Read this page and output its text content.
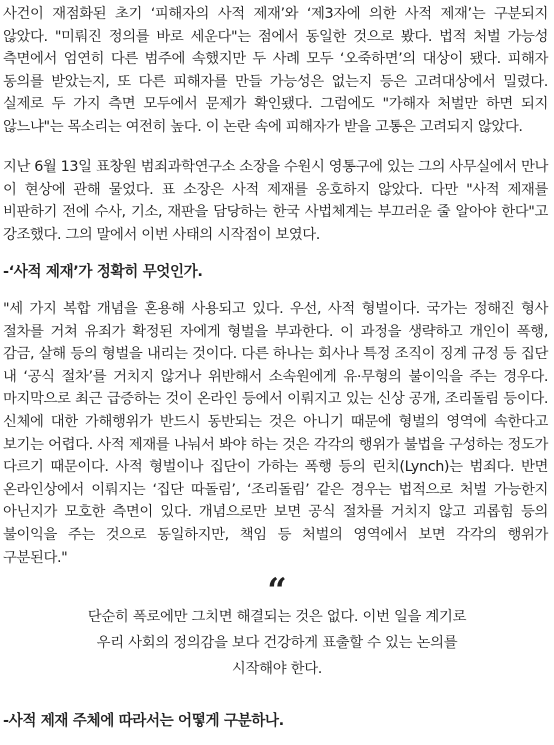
사건이 재점화된 초기 ‘피해자의 사적 제재’와 ‘제3자에 의한 사적 제재’는 구분되지 않았다. "미뤄진 정의를 바로 세운다"는 점에서 동일한 것으로 봤다. 법적 처벌 가능성 측면에서 엄연히 다른 범주에 속했지만 두 사례 모두 ‘오죽하면’의 대상이 됐다. 피해자 동의를 받았는지, 또 다른 피해자를 만들 가능성은 없는지 등은 고려대상에서 밀렸다. 실제로 두 가지 측면 모두에서 문제가 확인됐다. 그럼에도 "가해자 처벌만 하면 되지 않느냐"는 목소리는 여전히 높다. 이 논란 속에 피해자가 받을 고통은 고려되지 않았다.

지난 6월 13일 표창원 범죄과학연구소 소장을 수원시 영통구에 있는 그의 사무실에서 만나 이 현상에 관해 물었다. 표 소장은 사적 제재를 옹호하지 않았다. 다만 "사적 제재를 비판하기 전에 수사, 기소, 재판을 담당하는 한국 사법체계는 부끄러운 줄 알아야 한다"고 강조했다. 그의 말에서 이번 사태의 시작점이 보였다.

-‘사적 제재’가 정확히 무엇인가.

"세 가지 복합 개념을 혼용해 사용되고 있다. 우선, 사적 형벌이다. 국가는 정해진 형사 절차를 거쳐 유죄가 확정된 자에게 형벌을 부과한다. 이 과정을 생략하고 개인이 폭행, 감금, 살해 등의 형벌을 내리는 것이다. 다른 하나는 회사나 특정 조직이 징계 규정 등 집단 내 ‘공식 절차’를 거치지 않거나 위반해서 소속원에게 유·무형의 불이익을 주는 경우다. 마지막으로 최근 급증하는 것이 온라인 등에서 이뤄지고 있는 신상 공개, 조리돌림 등이다. 신체에 대한 가해행위가 반드시 동반되는 것은 아니기 때문에 형벌의 영역에 속한다고 보기는 어렵다. 사적 제재를 나눠서 봐야 하는 것은 각각의 행위가 불법을 구성하는 정도가 다르기 때문이다. 사적 형벌이나 집단이 가하는 폭행 등의 린치(Lynch)는 범죄다. 반면 온라인상에서 이뤄지는 ‘집단 따돌림’, ‘조리돌림’ 같은 경우는 법적으로 처벌 가능한지 아닌지가 모호한 측면이 있다. 개념으로만 보면 공식 절차를 거치지 않고 괴롭힘 등의 불이익을 주는 것으로 동일하지만, 책임 등 처벌의 영역에서 보면 각각의 행위가 구분된다."

“
단순히 폭로에만 그치면 해결되는 것은 없다. 이번 일을 계기로 우리 사회의 정의감을 보다 건강하게 표출할 수 있는 논의를 시작해야 한다.
-사적 제재 주체에 따라서는 어떻게 구분하나.
